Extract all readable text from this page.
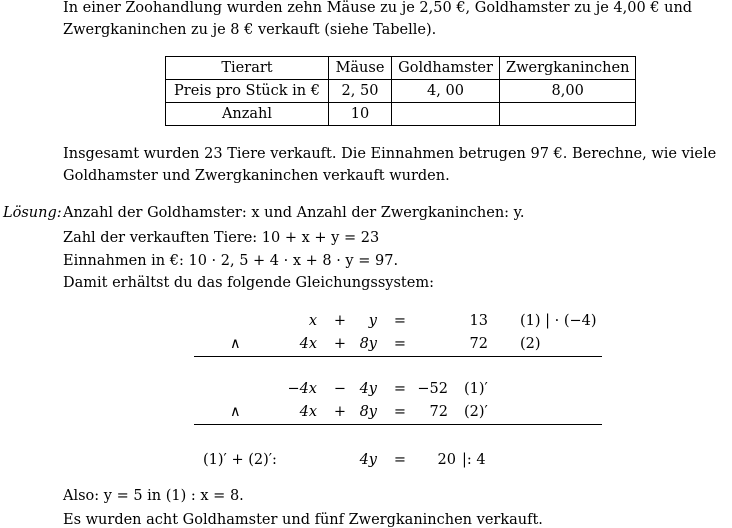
In einer Zoohandlung wurden zehn Mäuse zu je 2,50 €, Goldhamster zu je 4,00 € und Zwergkaninchen zu je 8 € verkauft (siehe Tabelle).
Tierart	Mäuse	Goldhamster	Zwergkaninchen
Preis pro Stück in €	2, 50	4, 00	8,00
Anzahl	10		
Insgesamt wurden 23 Tiere verkauft. Die Einnahmen betrugen 97 €. Berechne, wie viele Goldhamster und Zwergkaninchen verkauft wurden.
Lösung: Anzahl der Goldhamster: x und Anzahl der Zwergkaninchen: y.
Zahl der verkauften Tiere: 10 + x + y = 23
Einnahmen in €: 10 · 2, 5 + 4 · x + 8 · y = 97.
Damit erhältst du das folgende Gleichungssystem:
x +	y =	13 (1) | · (−4)
∧	4x + 8y =	72 (2)
−4x − 4y = −52 (1)′
∧	4x + 8y =	72 (2)′
(1)′ + (2)′:	4y =	20 |: 4
Also: y = 5 in (1) : x = 8.
Es wurden acht Goldhamster und fünf Zwergkaninchen verkauft.
